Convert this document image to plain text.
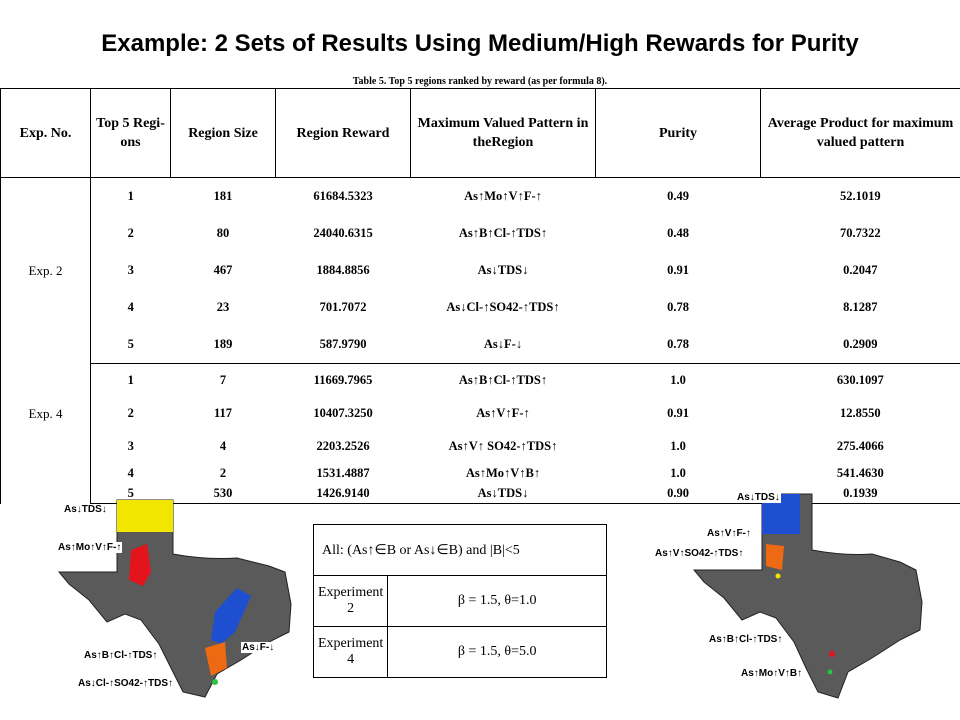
Example: 2 Sets of Results Using Medium/High Rewards for Purity
Table 5. Top 5 regions ranked by reward (as per formula 8).
Exp. No.	Top 5 Regi-ons	Region Size	Region Reward	Maximum Valued Pattern in theRegion	Purity	Average Product for maximum valued pattern
Exp. 2	1	181	61684.5323	As↑Mo↑V↑F-↑	0.49	52.1019
	2	80	24040.6315	As↑B↑Cl-↑TDS↑	0.48	70.7322
	3	467	1884.8856	As↓TDS↓	0.91	0.2047
	4	23	701.7072	As↓Cl-↑SO42-↑TDS↑	0.78	8.1287
	5	189	587.9790	As↓F-↓	0.78	0.2909
Exp. 4	1	7	11669.7965	As↑B↑Cl-↑TDS↑	1.0	630.1097
	2	117	10407.3250	As↑V↑F-↑	0.91	12.8550
	3	4	2203.2526	As↑V↑ SO42-↑TDS↑	1.0	275.4066
	4	2	1531.4887	As↑Mo↑V↑B↑	1.0	541.4630
	5	530	1426.9140	As↓TDS↓	0.90	0.1939
As↓TDS↓
As↑Mo↑V↑F-↑
As↑B↑Cl-↑TDS↑
As↓F-↓
As↓Cl-↑SO42-↑TDS↑
All: (As↑∈B or As↓∈B) and |B|<5	
Experiment 2	β = 1.5, θ=1.0
Experiment 4	β = 1.5, θ=5.0
As↓TDS↓
As↑V↑F-↑
As↑V↑SO42-↑TDS↑
As↑B↑Cl-↑TDS↑
As↑Mo↑V↑B↑
